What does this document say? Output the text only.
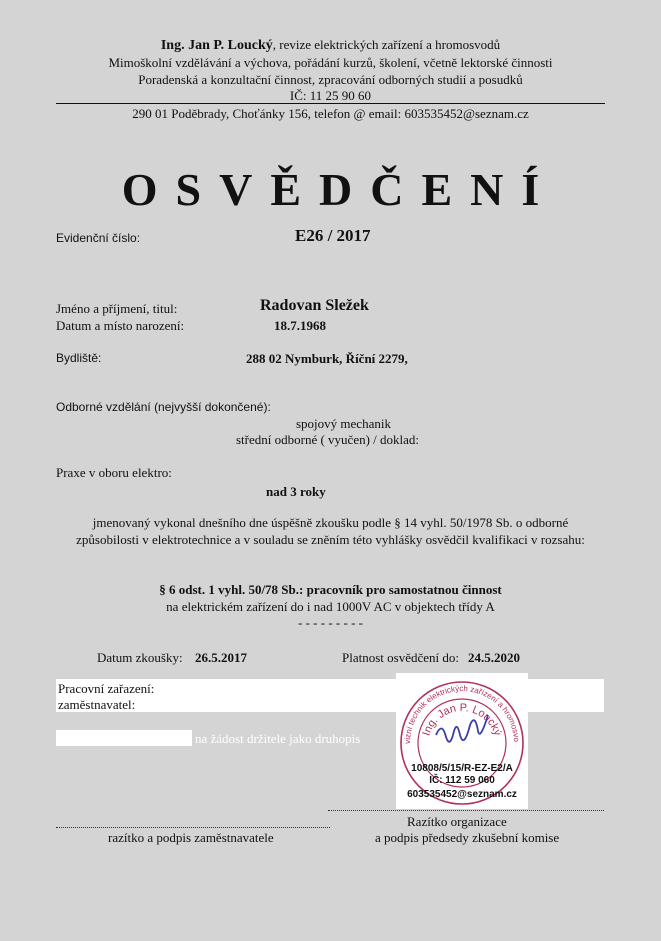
Ing. Jan P. Loucký, revize elektrických zařízení a hromosvodů
Mimoškolní vzdělávání a výchova, pořádání kurzů, školení, včetně lektorské činnosti
Poradenská a konzultační činnost, zpracování odborných studií a posudků
IČ: 11 25 90 60
290 01 Poděbrady, Choťánky 156, telefon @ email: 603535452@seznam.cz
OSVĚDČENÍ
Evidenční číslo:	E26 / 2017
Jméno a příjmení, titul:	Radovan Sležek
Datum a místo narození:	18.7.1968
Bydliště:	288 02 Nymburk, Říční 2279,
Odborné vzdělání (nejvyšší dokončené):
spojový mechanik
střední odborné ( vyučen) / doklad:
Praxe v oboru elektro:
nad 3 roky
jmenovaný vykonal dnešního dne úspěšně zkoušku podle § 14 vyhl. 50/1978 Sb. o odborné
způsobilosti v elektrotechnice a v souladu se zněním této vyhlášky osvědčil kvalifikaci v rozsahu:
§ 6 odst. 1 vyhl. 50/78 Sb.: pracovník pro samostatnou činnost
na elektrickém zařízení do i nad 1000V AC v objektech třídy A
- - - - - - - - -
Datum zkoušky: 26.5.2017	Platnost osvědčení do: 24.5.2020
Pracovní zařazení:
zaměstnavatel:
na žádost držitele jako druhopis	vizní technik elektrických zařízení a hromosvo
Ing. Jan P. Loucký
10808/5/15/R-EZ-E2/A
IČ: 112 59 060
603535452@seznam.cz
Razítko organizace
razítko a podpis zaměstnavatele	a podpis předsedy zkušební komise
